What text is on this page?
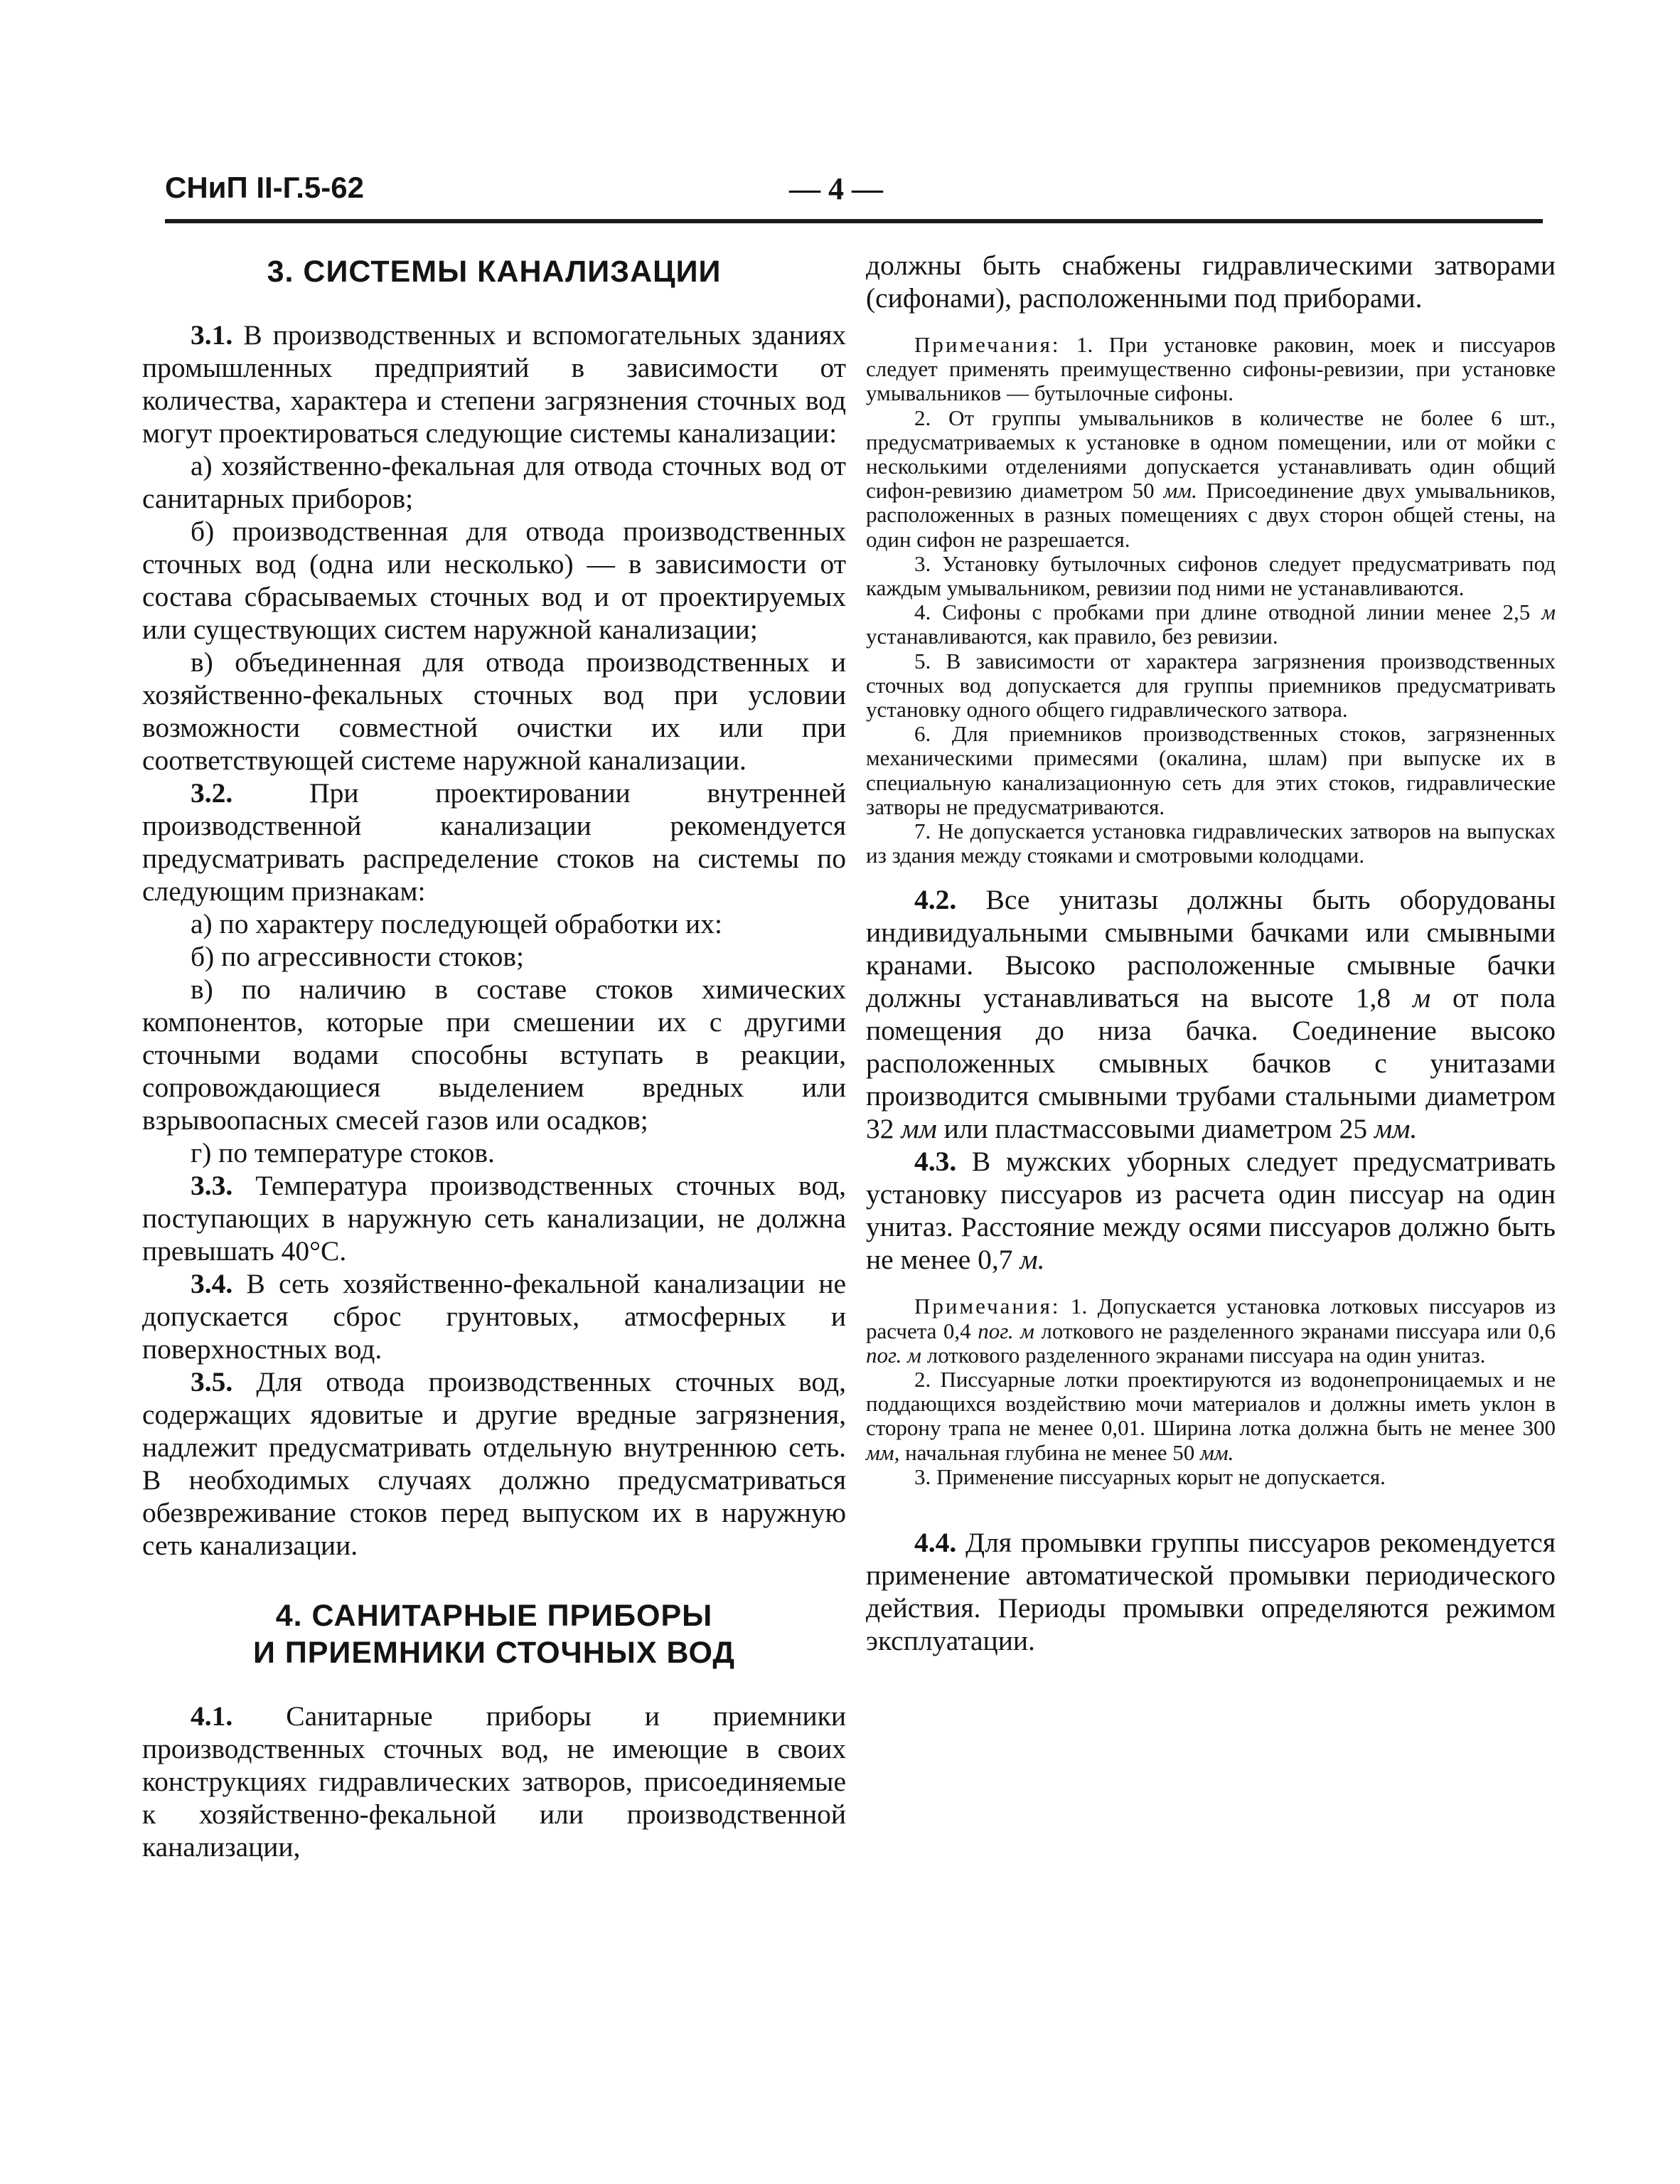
СНиП II-Г.5-62	— 4 —
3. СИСТЕМЫ КАНАЛИЗАЦИИ

3.1. В производственных и вспомогательных зданиях промышленных предприятий в зависимости от количества, характера и степени загрязнения сточных вод могут проектироваться следующие системы канализации:

а) хозяйственно-фекальная для отвода сточных вод от санитарных приборов;

б) производственная для отвода производственных сточных вод (одна или несколько) — в зависимости от состава сбрасываемых сточных вод и от проектируемых или существующих систем наружной канализации;

в) объединенная для отвода производственных и хозяйственно-фекальных сточных вод при условии возможности совместной очистки их или при соответствующей системе наружной канализации.

3.2.	При проектировании внутренней производственной канализации рекомендуется предусматривать распределение стоков на системы по следующим признакам:

а) по характеру последующей обработки их:

б) по агрессивности стоков;

в) по наличию в составе стоков химических компонентов, которые при смешении их с другими сточными водами способны вступать в реакции, сопровождающиеся выделением вредных или взрывоопасных смесей газов или осадков;

г) по температуре стоков.

3.3. Температура производственных сточных вод, поступающих в наружную сеть канализации, не должна превышать 40°С.

3.4. В сеть хозяйственно-фекальной канализации не допускается сброс грунтовых, атмосферных и поверхностных вод.

3.5. Для отвода производственных сточных вод, содержащих ядовитые и другие вредные загрязнения, надлежит предусматривать отдельную внутреннюю сеть. В необходимых случаях должно предусматриваться обезвреживание стоков перед выпуском их в наружную сеть канализации.

4. САНИТАРНЫЕ ПРИБОРЫ
И ПРИЕМНИКИ СТОЧНЫХ ВОД

4.1. Санитарные приборы и приемники производственных сточных вод, не имеющие в своих конструкциях гидравлических затворов, присоединяемые к хозяйственно-фекальной или производственной канализации,

должны быть снабжены гидравлическими затворами (сифонами), расположенными под приборами.

Примечания: 1. При установке раковин, моек и писсуаров следует применять преимущественно сифоны-ревизии, при установке умывальников — бутылочные сифоны.

2. От группы умывальников в количестве не более 6 шт., предусматриваемых к установке в одном помещении, или от мойки с несколькими отделениями допускается устанавливать один общий сифон-ревизию диаметром 50 мм. Присоединение двух умывальников, расположенных в разных помещениях с двух сторон общей стены, на один сифон не разрешается.

3. Установку бутылочных сифонов следует предусматривать под каждым умывальником, ревизии под ними не устанавливаются.

4. Сифоны с пробками при длине отводной линии менее 2,5 м устанавливаются, как правило, без ревизии.

5. В зависимости от характера загрязнения производственных сточных вод допускается для группы приемников предусматривать установку одного общего гидравлического затвора.

6. Для приемников производственных стоков, загрязненных механическими примесями (окалина, шлам) при выпуске их в специальную канализационную сеть для этих стоков, гидравлические затворы не предусматриваются.

7. Не допускается установка гидравлических затворов на выпусках из здания между стояками и смотровыми колодцами.

4.2. Все унитазы должны быть оборудованы индивидуальными смывными бачками или смывными кранами. Высоко расположенные смывные бачки должны устанавливаться на высоте 1,8 м от пола помещения до низа бачка. Соединение высоко расположенных смывных бачков с унитазами производится смывными трубами стальными диаметром 32 мм или пластмассовыми диаметром 25 мм.

4.3. В мужских уборных следует предусматривать установку писсуаров из расчета один писсуар на один унитаз. Расстояние между осями писсуаров должно быть не менее 0,7 м.

Примечания: 1. Допускается установка лотковых писсуаров из расчета 0,4 пог. м лоткового не разделенного экранами писсуара или 0,6 пог. м лоткового разделенного экранами писсуара на один унитаз.

2. Писсуарные лотки проектируются из водонепроницаемых и не поддающихся воздействию мочи материалов и должны иметь уклон в сторону трапа не менее 0,01. Ширина лотка должна быть не менее 300 мм, начальная глубина не менее 50 мм.

3. Применение писсуарных корыт не допускается.

4.4. Для промывки группы писсуаров рекомендуется применение автоматической промывки периодического действия. Периоды промывки определяются режимом эксплуатации.
